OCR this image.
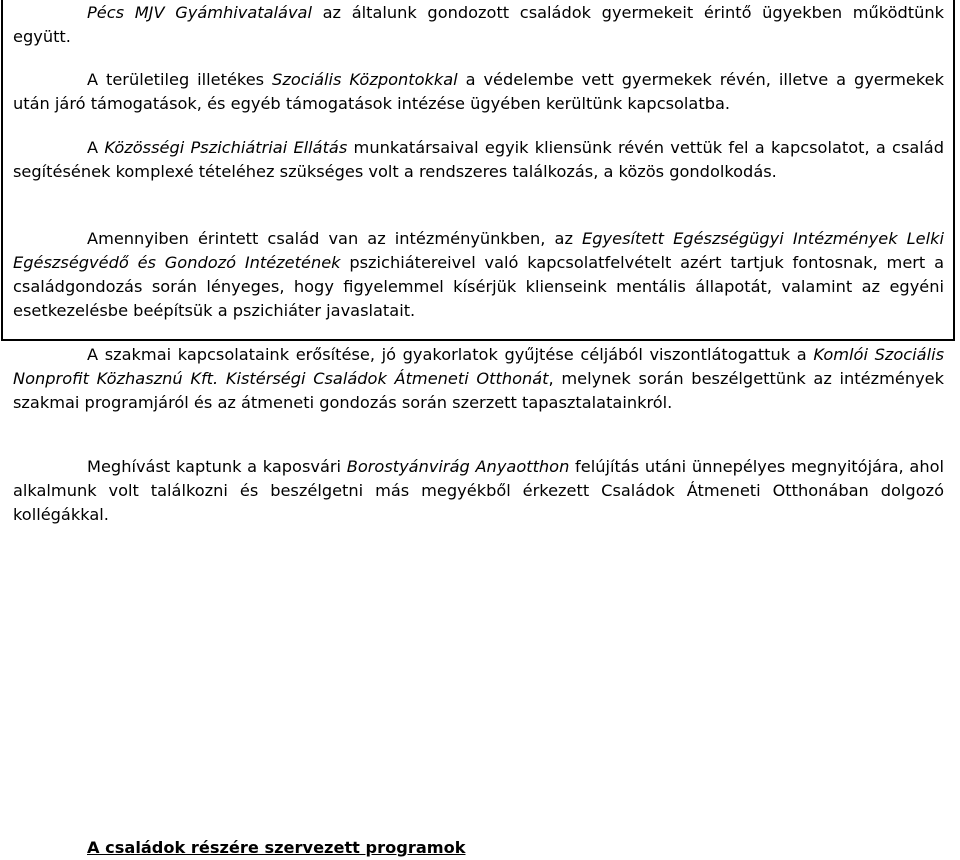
Pécs MJV Gyámhivatalával az általunk gondozott családok gyermekeit érintő ügyekben működtünk együtt.

A területileg illetékes Szociális Központokkal a védelembe vett gyermekek révén, illetve a gyermekek után járó támogatások, és egyéb támogatások intézése ügyében kerültünk kapcsolatba.

A Közösségi Pszichiátriai Ellátás munkatársaival egyik kliensünk révén vettük fel a kapcsolatot, a család segítésének komplexé tételéhez szükséges volt a rendszeres találkozás, a közös gondolkodás.

Amennyiben érintett család van az intézményünkben, az Egyesített Egészségügyi Intézmények Lelki Egészségvédő és Gondozó Intézetének pszichiátereivel való kapcsolatfelvételt azért tartjuk fontosnak, mert a családgondozás során lényeges, hogy figyelemmel kísérjük klienseink mentális állapotát, valamint az egyéni esetkezelésbe beépítsük a pszichiáter javaslatait.

A szakmai kapcsolataink erősítése, jó gyakorlatok gyűjtése céljából viszontlátogattuk a Komlói Szociális Nonprofit Közhasznú Kft. Kistérségi Családok Átmeneti Otthonát, melynek során beszélgettünk az intézmények szakmai programjáról és az átmeneti gondozás során szerzett tapasztalatainkról.

Meghívást kaptunk a kaposvári Borostyánvirág Anyaotthon felújítás utáni ünnepélyes megnyitójára, ahol alkalmunk volt találkozni és beszélgetni más megyékből érkezett Családok Átmeneti Otthonában dolgozó kollégákkal.

A családok részére szervezett programok
